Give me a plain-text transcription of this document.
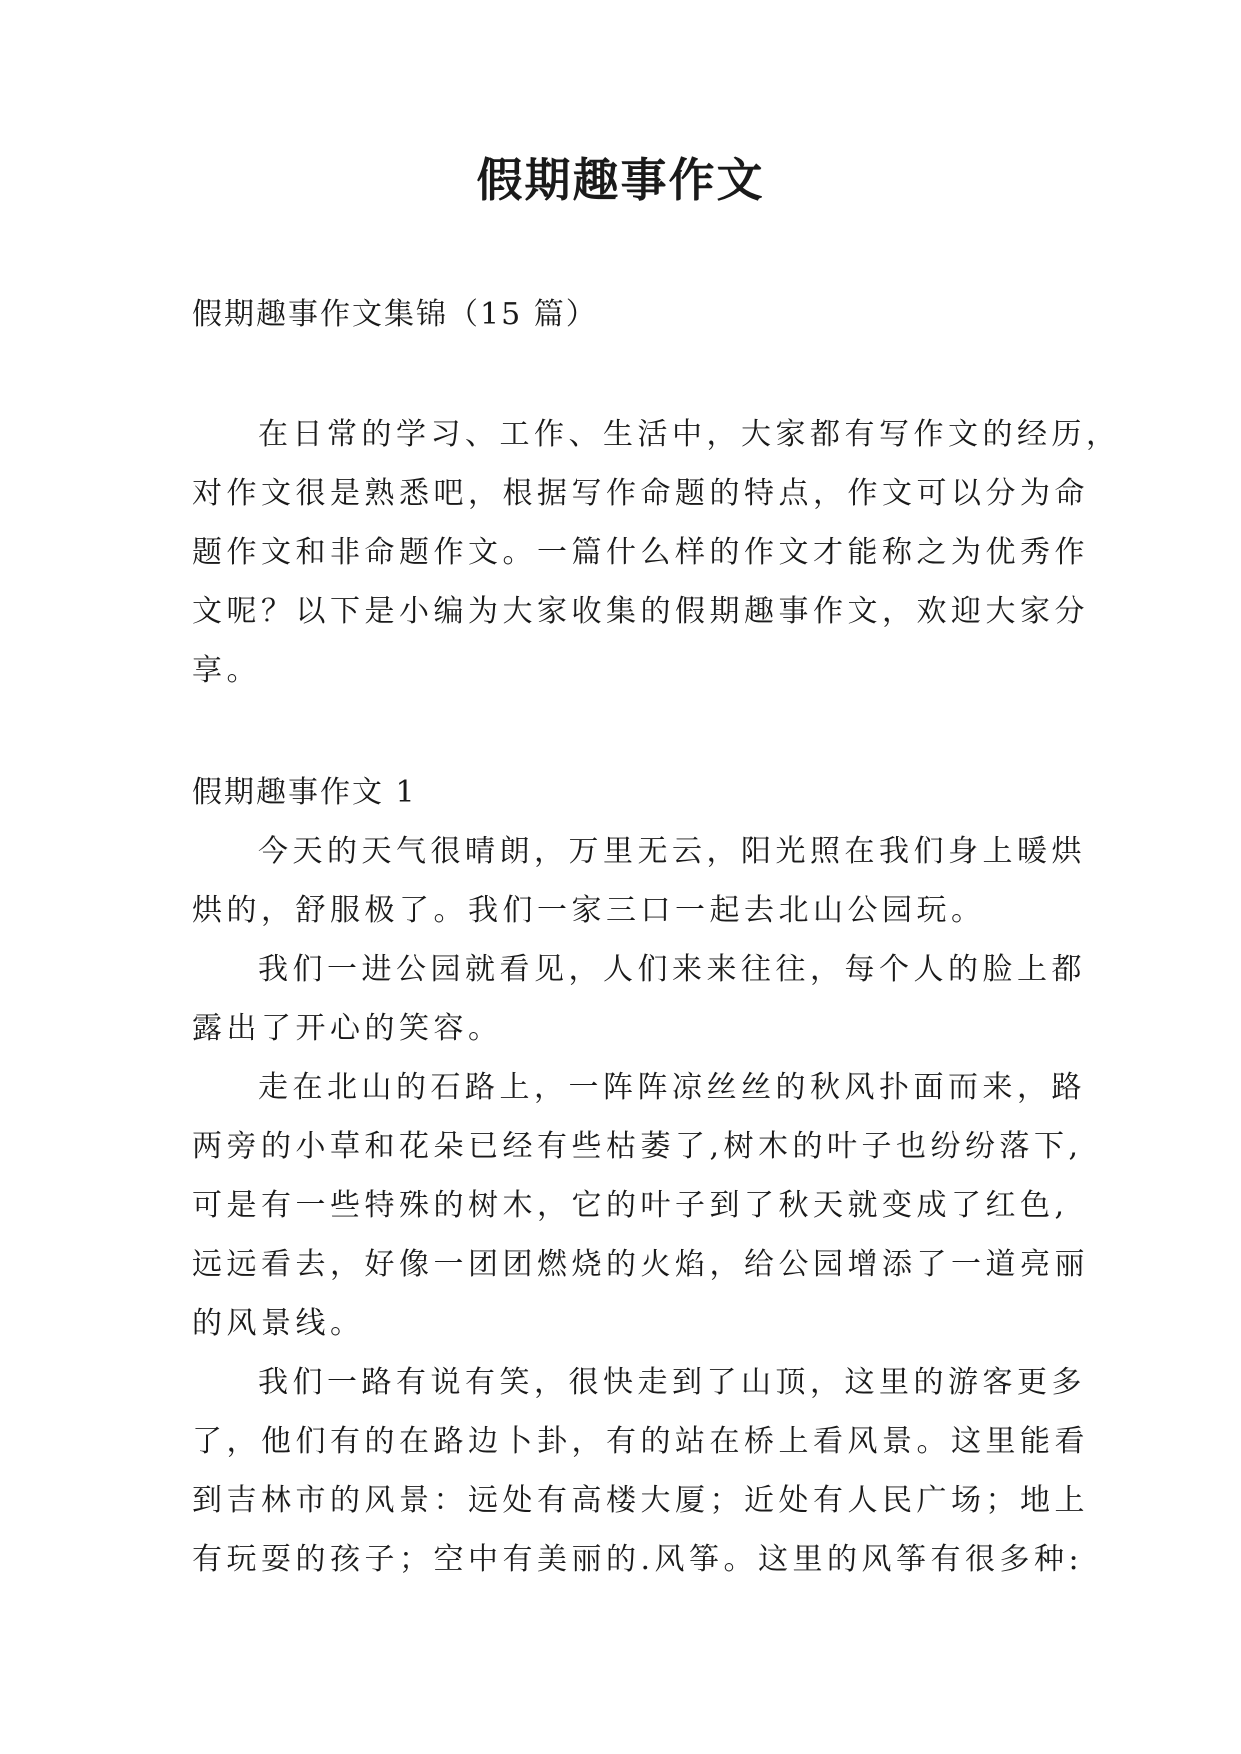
假期趣事作文

假期趣事作文集锦（15 篇）

在日常的学习、工作、生活中，大家都有写作文的经历，
对作文很是熟悉吧，根据写作命题的特点，作文可以分为命
题作文和非命题作文。一篇什么样的作文才能称之为优秀作
文呢？以下是小编为大家收集的假期趣事作文，欢迎大家分
享。

假期趣事作文 1

今天的天气很晴朗，万里无云，阳光照在我们身上暖烘
烘的，舒服极了。我们一家三口一起去北山公园玩。

我们一进公园就看见，人们来来往往，每个人的脸上都
露出了开心的笑容。

走在北山的石路上，一阵阵凉丝丝的秋风扑面而来，路
两旁的小草和花朵已经有些枯萎了,树木的叶子也纷纷落下,
可是有一些特殊的树木，它的叶子到了秋天就变成了红色,
远远看去，好像一团团燃烧的火焰，给公园增添了一道亮丽
的风景线。

我们一路有说有笑，很快走到了山顶，这里的游客更多
了，他们有的在路边卜卦，有的站在桥上看风景。这里能看
到吉林市的风景：远处有高楼大厦；近处有人民广场；地上
有玩耍的孩子；空中有美丽的.风筝。这里的风筝有很多种:
